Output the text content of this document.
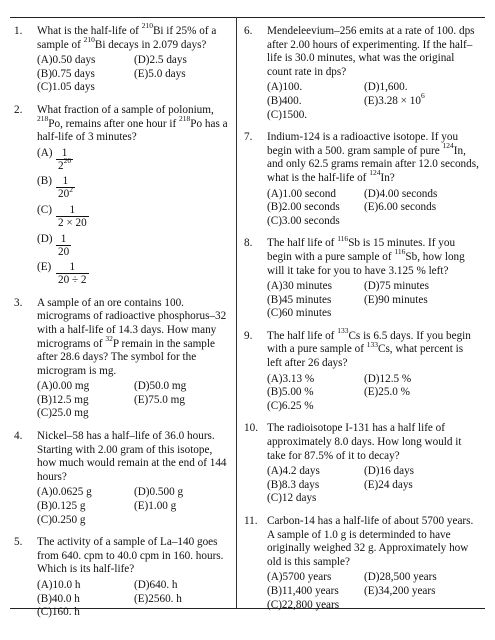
1. What is the half-life of $^{210}$Bi if 25% of a sample of $^{210}$Bi decays in 2.079 days?
(A)0.50 days	(D)2.5 days
(B)0.75 days	(E)5.0 days
(C)1.05 days
2. What fraction of a sample of polonium, $^{218}$Po, remains after one hour if $^{218}$Po has a half-life of 3 minutes?
$(A) \frac{1}{2^{20}}$
$(B) \frac{1}{20^2}$
$(C) \frac{1}{2 \times 20}$
$(D) \frac{1}{20}$
$(E) \frac{1}{20 \div 2}$
3. A sample of an ore contains 100. micrograms of radioactive phosphorus–32 with a half-life of 14.3 days. How many micrograms of $^{32}$P remain in the sample after 28.6 days? The symbol for the microgram is mg.
(A)0.00 mg	(D)50.0 mg
(B)12.5 mg	(E)75.0 mg
(C)25.0 mg
4. Nickel–58 has a half–life of 36.0 hours. Starting with 2.00 gram of this isotope, how much would remain at the end of 144 hours?
(A)0.0625 g	(D)0.500 g
(B)0.125 g	(E)1.00 g
(C)0.250 g
5. The activity of a sample of La–140 goes from 640. cpm to 40.0 cpm in 160. hours. Which is its half-life?
(A)10.0 h	(D)640. h
(B)40.0 h	(E)2560. h
(C)160. h
6. Mendeleevium–256 emits at a rate of 100. dps after 2.00 hours of experimenting. If the half–life is 30.0 minutes, what was the original count rate in dps?
(A)100.	(D)1,600.
(B)400.	$(E)3.28 \times 10^6$
(C)1500.
7. Indium-124 is a radioactive isotope. If you begin with a 500. gram sample of pure $^{124}$In, and only 62.5 grams remain after 12.0 seconds, what is the half-life of $^{124}$In?
(A)1.00 second	(D)4.00 seconds
(B)2.00 seconds	(E)6.00 seconds
(C)3.00 seconds
8. The half life of $^{116}$Sb is 15 minutes. If you begin with a pure sample of $^{116}$Sb, how long will it take for you to have 3.125 % left?
(A)30 minutes	(D)75 minutes
(B)45 minutes	(E)90 minutes
(C)60 minutes
9. The half life of $^{133}$Cs is 6.5 days. If you begin with a pure sample of $^{133}$Cs, what percent is left after 26 days?
(A)3.13 %	(D)12.5 %
(B)5.00 %	(E)25.0 %
(C)6.25 %
10. The radioisotope I-131 has a half life of approximately 8.0 days. How long would it take for 87.5% of it to decay?
(A)4.2 days	(D)16 days
(B)8.3 days	(E)24 days
(C)12 days
11. Carbon-14 has a half-life of about 5700 years. A sample of 1.0 g is determinded to have originally weighed 32 g. Approximately how old is this sample?
(A)5700 years	(D)28,500 years
(B)11,400 years	(E)34,200 years
(C)22,800 years
